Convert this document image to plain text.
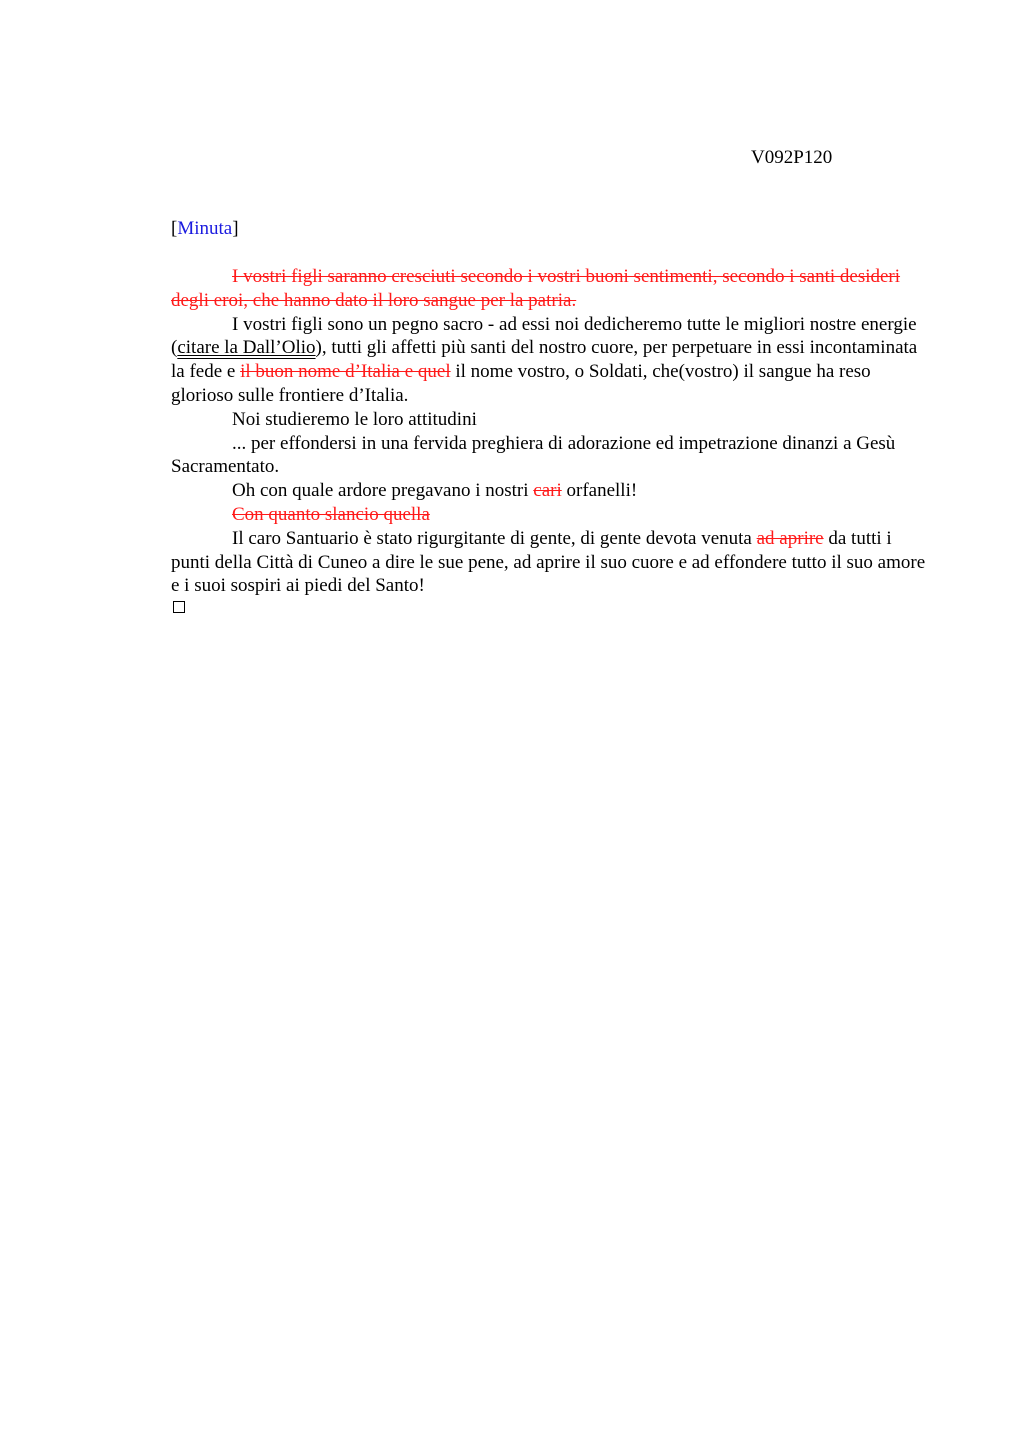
V092P120
[Minuta]

I vostri figli saranno cresciuti secondo i vostri buoni sentimenti, secondo i santi desideri degli eroi, che hanno dato il loro sangue per la patria.

I vostri figli sono un pegno sacro - ad essi noi dedicheremo tutte le migliori nostre energie (citare la Dall’Olio), tutti gli affetti più santi del nostro cuore, per perpetuare in essi incontaminata la fede e il buon nome d’Italia e quel il nome vostro, o Soldati, che(vostro) il sangue ha reso glorioso sulle frontiere d’Italia.

Noi studieremo le loro attitudini

... per effondersi in una fervida preghiera di adorazione ed impetrazione dinanzi a Gesù Sacramentato.

Oh con quale ardore pregavano i nostri cari orfanelli!

Con quanto slancio quella

Il caro Santuario è stato rigurgitante di gente, di gente devota venuta ad aprire da tutti i punti della Città di Cuneo a dire le sue pene, ad aprire il suo cuore e ad effondere tutto il suo amore e i suoi sospiri ai piedi del Santo!
